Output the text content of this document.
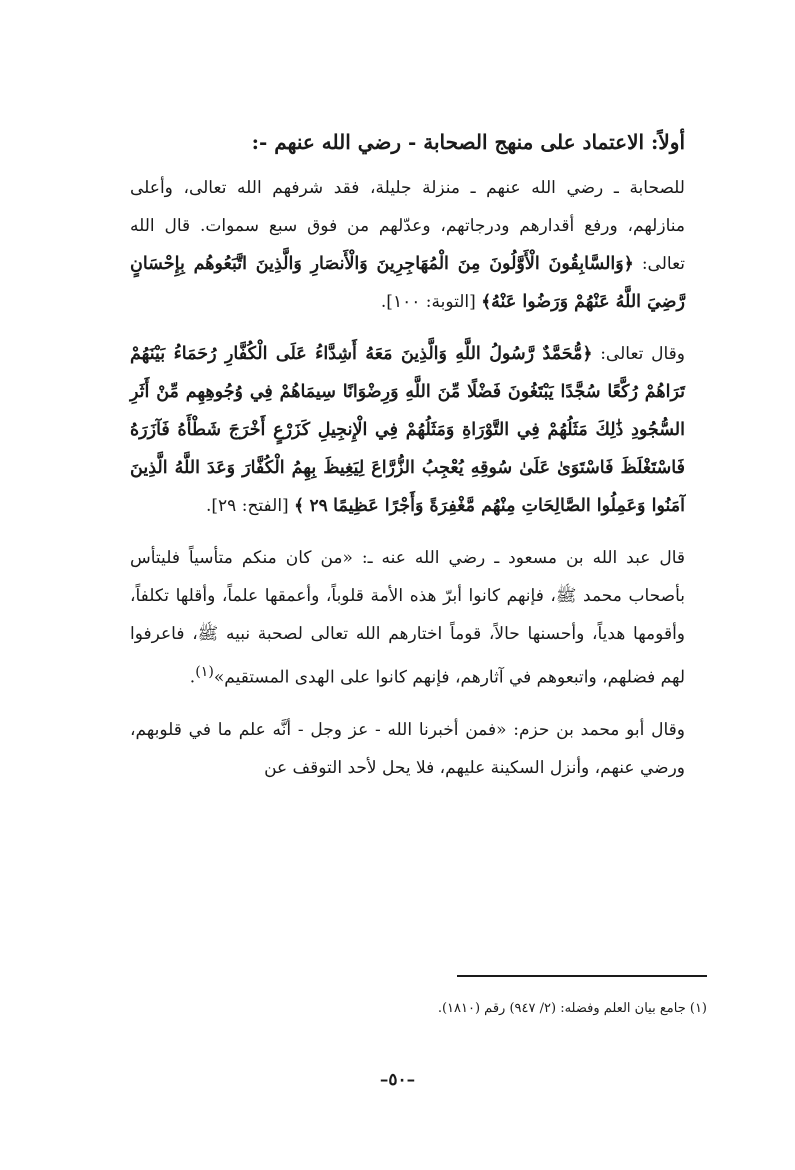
أولاً: الاعتماد على منهج الصحابة - رضي الله عنهم -:

للصحابة ـ رضي الله عنهم ـ منزلة جليلة، فقد شرفهم الله تعالى، وأعلى منازلهم، ورفع أقدارهم ودرجاتهم، وعدّلهم من فوق سبع سموات. قال الله تعالى: ﴿وَالسَّابِقُونَ الْأَوَّلُونَ مِنَ الْمُهَاجِرِينَ وَالْأَنصَارِ وَالَّذِينَ اتَّبَعُوهُم بِإِحْسَانٍ رَّضِيَ اللَّهُ عَنْهُمْ وَرَضُوا عَنْهُ﴾ [التوبة: ١٠٠].

وقال تعالى: ﴿مُّحَمَّدٌ رَّسُولُ اللَّهِ وَالَّذِينَ مَعَهُ أَشِدَّاءُ عَلَى الْكُفَّارِ رُحَمَاءُ بَيْنَهُمْ تَرَاهُمْ رُكَّعًا سُجَّدًا يَبْتَغُونَ فَضْلًا مِّنَ اللَّهِ وَرِضْوَانًا سِيمَاهُمْ فِي وُجُوهِهِم مِّنْ أَثَرِ السُّجُودِ ذَٰلِكَ مَثَلُهُمْ فِي التَّوْرَاةِ وَمَثَلُهُمْ فِي الْإِنجِيلِ كَزَرْعٍ أَخْرَجَ شَطْأَهُ فَآزَرَهُ فَاسْتَغْلَظَ فَاسْتَوَىٰ عَلَىٰ سُوقِهِ يُعْجِبُ الزُّرَّاعَ لِيَغِيظَ بِهِمُ الْكُفَّارَ وَعَدَ اللَّهُ الَّذِينَ آمَنُوا وَعَمِلُوا الصَّالِحَاتِ مِنْهُم مَّغْفِرَةً وَأَجْرًا عَظِيمًا ٢٩ ﴾ [الفتح: ٢٩].

قال عبد الله بن مسعود ـ رضي الله عنه ـ: «من كان منكم متأسياً فليتأس بأصحاب محمد ﷺ، فإنهم كانوا أبرّ هذه الأمة قلوباً، وأعمقها علماً، وأقلها تكلفاً، وأقومها هدياً، وأحسنها حالاً، قوماً اختارهم الله تعالى لصحبة نبيه ﷺ، فاعرفوا لهم فضلهم، واتبعوهم في آثارهم، فإنهم كانوا على الهدى المستقيم»$^{(١)}$.

وقال أبو محمد بن حزم: «فمن أخبرنا الله - عز وجل - أنَّه علم ما في قلوبهم، ورضي عنهم، وأنزل السكينة عليهم، فلا يحل لأحد التوقف عن

(١) جامع بيان العلم وفضله: (٢/ ٩٤٧) رقم (١٨١٠).
–٥٠–
